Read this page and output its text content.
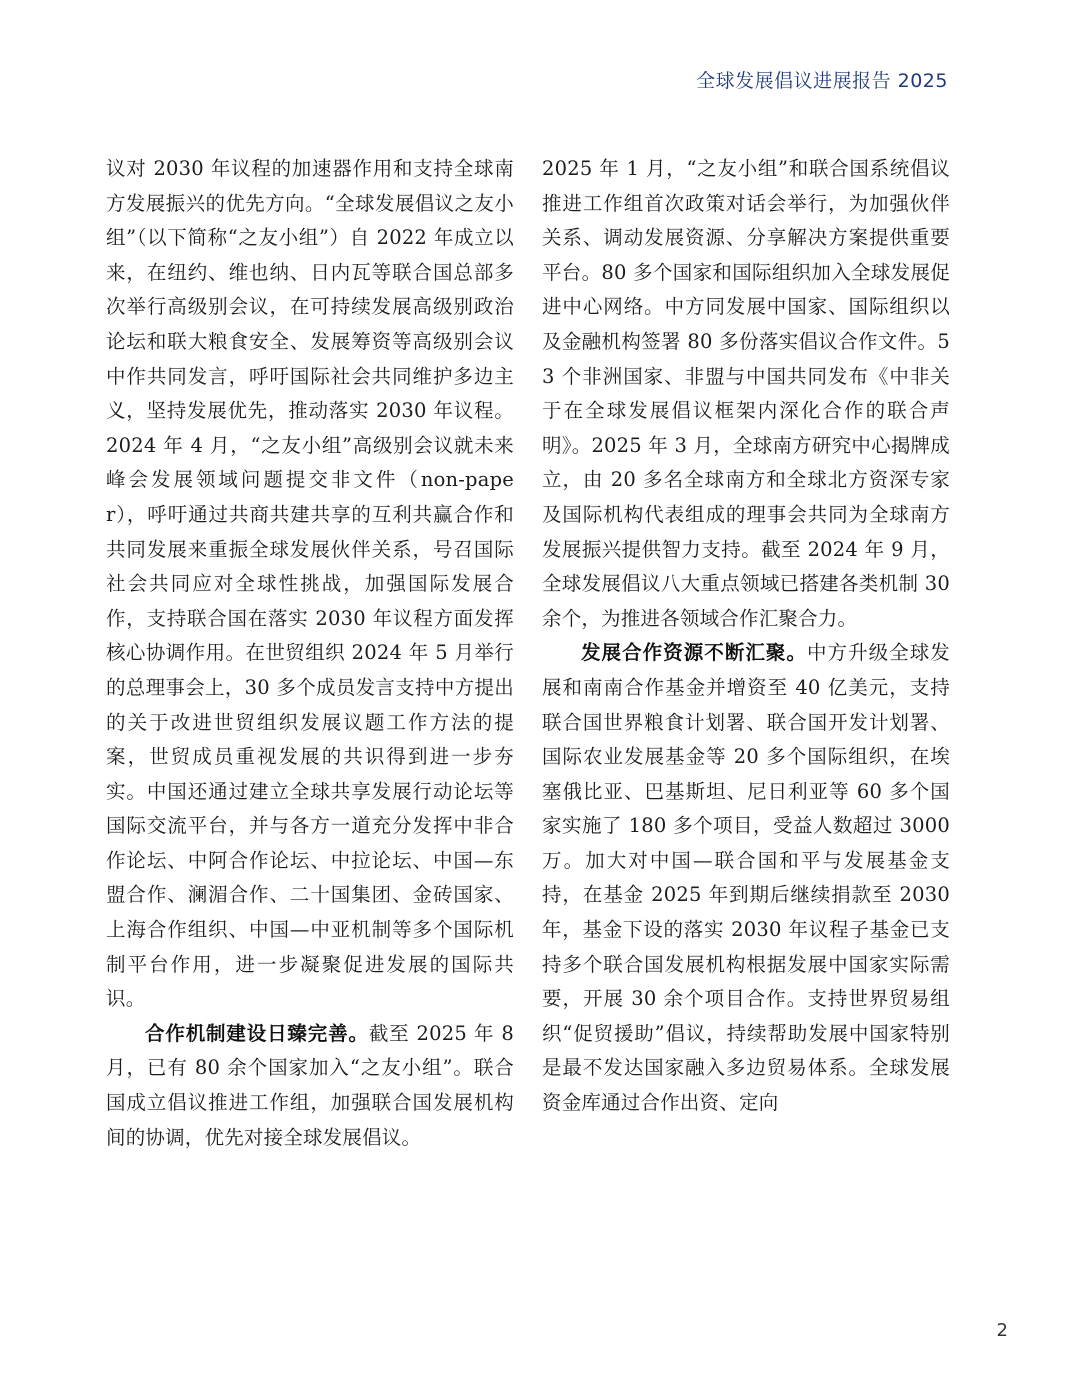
全球发展倡议进展报告 2025

议对 2030 年议程的加速器作用和支持全球南方发展振兴的优先方向。“全球发展倡议之友小组”（以下简称“之友小组”）自 2022 年成立以来，在纽约、维也纳、日内瓦等联合国总部多次举行高级别会议，在可持续发展高级别政治论坛和联大粮食安全、发展筹资等高级别会议中作共同发言，呼吁国际社会共同维护多边主义，坚持发展优先，推动落实 2030 年议程。2024 年 4 月，“之友小组”高级别会议就未来峰会发展领域问题提交非文件（non-paper），呼吁通过共商共建共享的互利共赢合作和共同发展来重振全球发展伙伴关系，号召国际社会共同应对全球性挑战，加强国际发展合作，支持联合国在落实 2030 年议程方面发挥核心协调作用。在世贸组织 2024 年 5 月举行的总理事会上，30 多个成员发言支持中方提出的关于改进世贸组织发展议题工作方法的提案，世贸成员重视发展的共识得到进一步夯实。中国还通过建立全球共享发展行动论坛等国际交流平台，并与各方一道充分发挥中非合作论坛、中阿合作论坛、中拉论坛、中国—东盟合作、澜湄合作、二十国集团、金砖国家、上海合作组织、中国—中亚机制等多个国际机制平台作用，进一步凝聚促进发展的国际共识。

合作机制建设日臻完善。截至 2025 年 8 月，已有 80 余个国家加入“之友小组”。联合国成立倡议推进工作组，加强联合国发展机构间的协调，优先对接全球发展倡议。

2025 年 1 月，“之友小组”和联合国系统倡议推进工作组首次政策对话会举行，为加强伙伴关系、调动发展资源、分享解决方案提供重要平台。80 多个国家和国际组织加入全球发展促进中心网络。中方同发展中国家、国际组织以及金融机构签署 80 多份落实倡议合作文件。53 个非洲国家、非盟与中国共同发布《中非关于在全球发展倡议框架内深化合作的联合声明》。2025 年 3 月，全球南方研究中心揭牌成立，由 20 多名全球南方和全球北方资深专家及国际机构代表组成的理事会共同为全球南方发展振兴提供智力支持。截至 2024 年 9 月，全球发展倡议八大重点领域已搭建各类机制 30 余个，为推进各领域合作汇聚合力。

发展合作资源不断汇聚。中方升级全球发展和南南合作基金并增资至 40 亿美元，支持联合国世界粮食计划署、联合国开发计划署、国际农业发展基金等 20 多个国际组织，在埃塞俄比亚、巴基斯坦、尼日利亚等 60 多个国家实施了 180 多个项目，受益人数超过 3000 万。加大对中国—联合国和平与发展基金支持，在基金 2025 年到期后继续捐款至 2030 年，基金下设的落实 2030 年议程子基金已支持多个联合国发展机构根据发展中国家实际需要，开展 30 余个项目合作。支持世界贸易组织“促贸援助”倡议，持续帮助发展中国家特别是最不发达国家融入多边贸易体系。全球发展资金库通过合作出资、定向

2
